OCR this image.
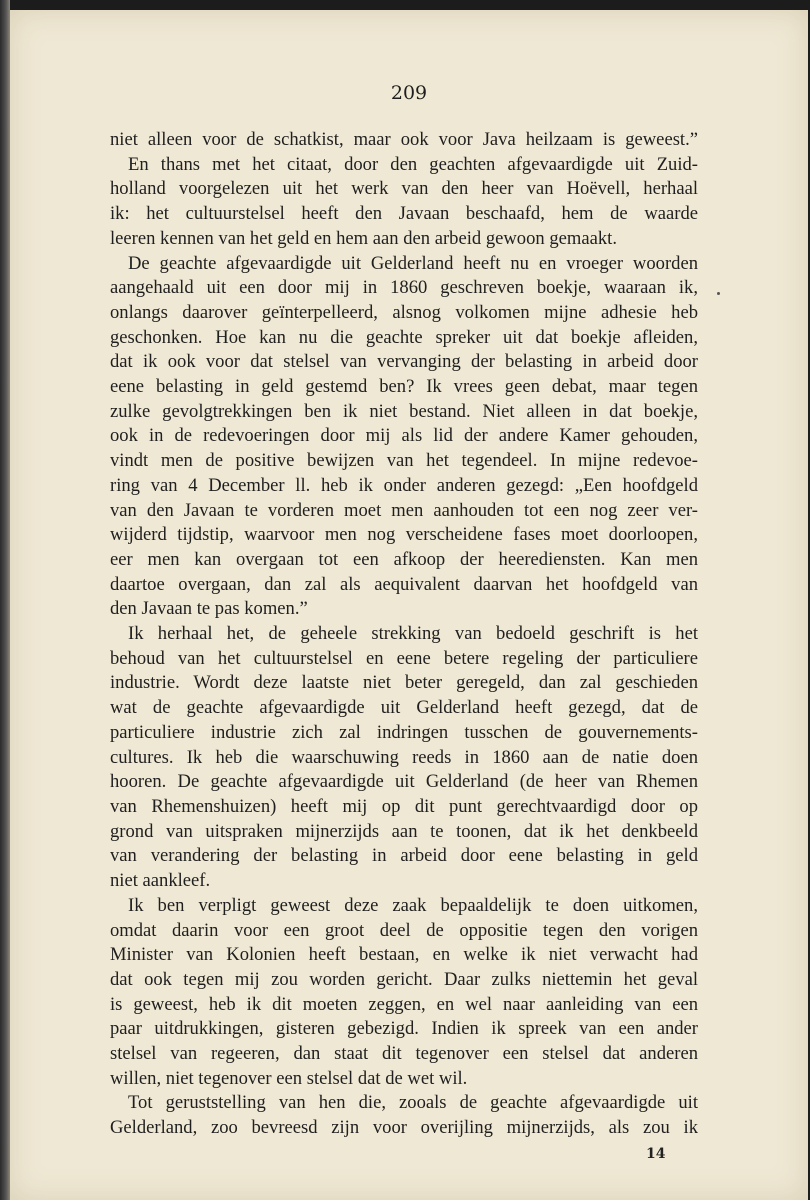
209
niet alleen voor de schatkist, maar ook voor Java heilzaam is geweest.”
En thans met het citaat, door den geachten afgevaardigde uit Zuid-
holland voorgelezen uit het werk van den heer van Hoëvell, herhaal
ik: het cultuurstelsel heeft den Javaan beschaafd, hem de waarde
leeren kennen van het geld en hem aan den arbeid gewoon gemaakt.
De geachte afgevaardigde uit Gelderland heeft nu en vroeger woorden
aangehaald uit een door mij in 1860 geschreven boekje, waaraan ik,
onlangs daarover geïnterpelleerd, alsnog volkomen mijne adhesie heb
geschonken. Hoe kan nu die geachte spreker uit dat boekje afleiden,
dat ik ook voor dat stelsel van vervanging der belasting in arbeid door
eene belasting in geld gestemd ben? Ik vrees geen debat, maar tegen
zulke gevolgtrekkingen ben ik niet bestand. Niet alleen in dat boekje,
ook in de redevoeringen door mij als lid der andere Kamer gehouden,
vindt men de positive bewijzen van het tegendeel. In mijne redevoe-
ring van 4 December ll. heb ik onder anderen gezegd: „Een hoofdgeld
van den Javaan te vorderen moet men aanhouden tot een nog zeer ver-
wijderd tijdstip, waarvoor men nog verscheidene fases moet doorloopen,
eer men kan overgaan tot een afkoop der heerediensten. Kan men
daartoe overgaan, dan zal als aequivalent daarvan het hoofdgeld van
den Javaan te pas komen.”
Ik herhaal het, de geheele strekking van bedoeld geschrift is het
behoud van het cultuurstelsel en eene betere regeling der particuliere
industrie. Wordt deze laatste niet beter geregeld, dan zal geschieden
wat de geachte afgevaardigde uit Gelderland heeft gezegd, dat de
particuliere industrie zich zal indringen tusschen de gouvernements-
cultures. Ik heb die waarschuwing reeds in 1860 aan de natie doen
hooren. De geachte afgevaardigde uit Gelderland (de heer van Rhemen
van Rhemenshuizen) heeft mij op dit punt gerechtvaardigd door op
grond van uitspraken mijnerzijds aan te toonen, dat ik het denkbeeld
van verandering der belasting in arbeid door eene belasting in geld
niet aankleef.
Ik ben verpligt geweest deze zaak bepaaldelijk te doen uitkomen,
omdat daarin voor een groot deel de oppositie tegen den vorigen
Minister van Kolonien heeft bestaan, en welke ik niet verwacht had
dat ook tegen mij zou worden gericht. Daar zulks niettemin het geval
is geweest, heb ik dit moeten zeggen, en wel naar aanleiding van een
paar uitdrukkingen, gisteren gebezigd. Indien ik spreek van een ander
stelsel van regeeren, dan staat dit tegenover een stelsel dat anderen
willen, niet tegenover een stelsel dat de wet wil.
Tot geruststelling van hen die, zooals de geachte afgevaardigde uit
Gelderland, zoo bevreesd zijn voor overijling mijnerzijds, als zou ik
14
